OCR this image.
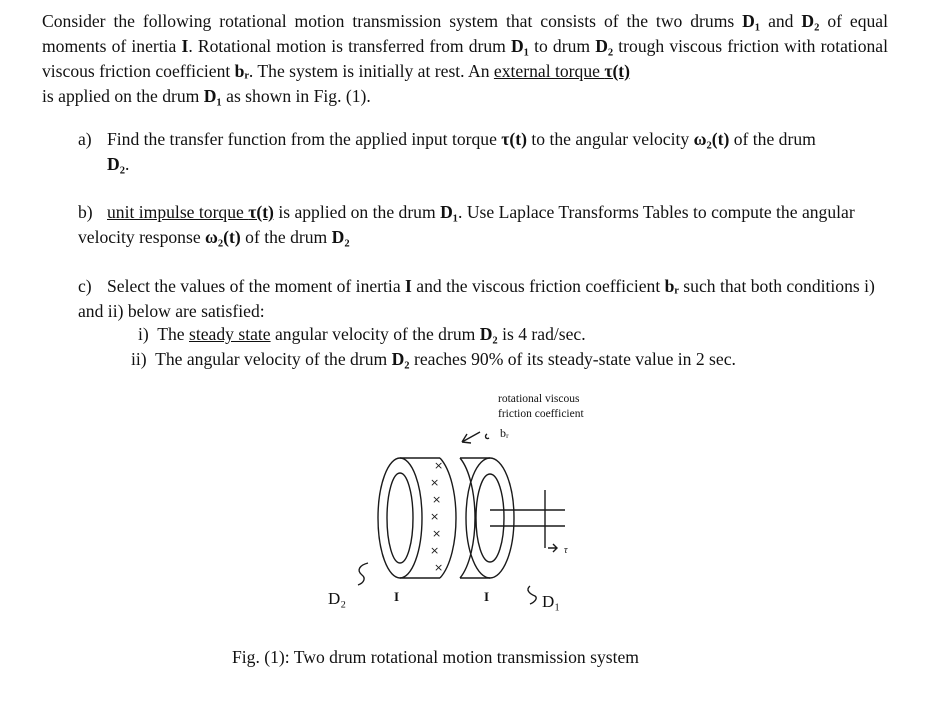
Consider the following rotational motion transmission system that consists of the two drums D₁ and D₂ of equal moments of inertia I. Rotational motion is transferred from drum D₁ to drum D₂ trough viscous friction with rotational viscous friction coefficient bᵣ. The system is initially at rest. An external torque τ(t)
is applied on the drum D₁ as shown in Fig. (1).
a) Find the transfer function from the applied input torque τ(t) to the angular velocity ω₂(t) of the drum
D₂.
b) unit impulse torque τ(t) is applied on the drum D₁. Use Laplace Transforms Tables to compute the angular velocity response ω₂(t) of the drum D₂
c) Select the values of the moment of inertia I and the viscous friction coefficient bᵣ such that both conditions i) and ii) below are satisfied:
i) The steady state angular velocity of the drum D₂ is 4 rad/sec.
ii) The angular velocity of the drum D₂ reaches 90% of its steady-state value in 2 sec.
×
×
×
×
×
×
×
rotational viscous
friction coefficient
bᵣ
D₂	I	I	D₁
τ
Fig. (1): Two drum rotational motion transmission system
